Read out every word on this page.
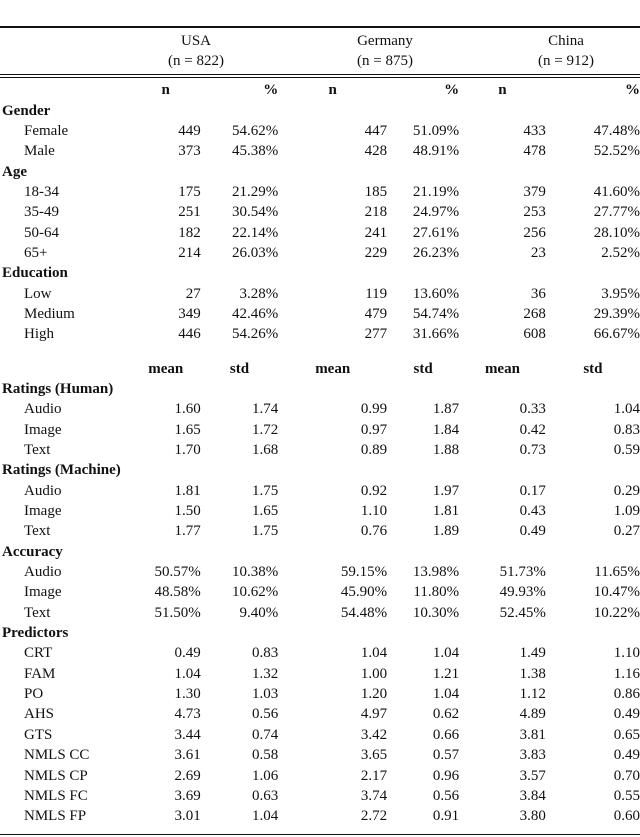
USA
(n = 822)
Germany
(n = 875)
China
(n = 912)
	n	%	n	%	n	%
Gender						
Female	449	54.62%	447	51.09%	433	47.48%
Male	373	45.38%	428	48.91%	478	52.52%
Age						
18-34	175	21.29%	185	21.19%	379	41.60%
35-49	251	30.54%	218	24.97%	253	27.77%
50-64	182	22.14%	241	27.61%	256	28.10%
65+	214	26.03%	229	26.23%	23	2.52%
Education						
Low	27	3.28%	119	13.60%	36	3.95%
Medium	349	42.46%	479	54.74%	268	29.39%
High	446	54.26%	277	31.66%	608	66.67%

	mean	std	mean	std	mean	std
Ratings (Human)						
Audio	1.60	1.74	0.99	1.87	0.33	1.04
Image	1.65	1.72	0.97	1.84	0.42	0.83
Text	1.70	1.68	0.89	1.88	0.73	0.59
Ratings (Machine)						
Audio	1.81	1.75	0.92	1.97	0.17	0.29
Image	1.50	1.65	1.10	1.81	0.43	1.09
Text	1.77	1.75	0.76	1.89	0.49	0.27
Accuracy						
Audio	50.57%	10.38%	59.15%	13.98%	51.73%	11.65%
Image	48.58%	10.62%	45.90%	11.80%	49.93%	10.47%
Text	51.50%	9.40%	54.48%	10.30%	52.45%	10.22%
Predictors						
CRT	0.49	0.83	1.04	1.04	1.49	1.10
FAM	1.04	1.32	1.00	1.21	1.38	1.16
PO	1.30	1.03	1.20	1.04	1.12	0.86
AHS	4.73	0.56	4.97	0.62	4.89	0.49
GTS	3.44	0.74	3.42	0.66	3.81	0.65
NMLS CC	3.61	0.58	3.65	0.57	3.83	0.49
NMLS CP	2.69	1.06	2.17	0.96	3.57	0.70
NMLS FC	3.69	0.63	3.74	0.56	3.84	0.55
NMLS FP	3.01	1.04	2.72	0.91	3.80	0.60
